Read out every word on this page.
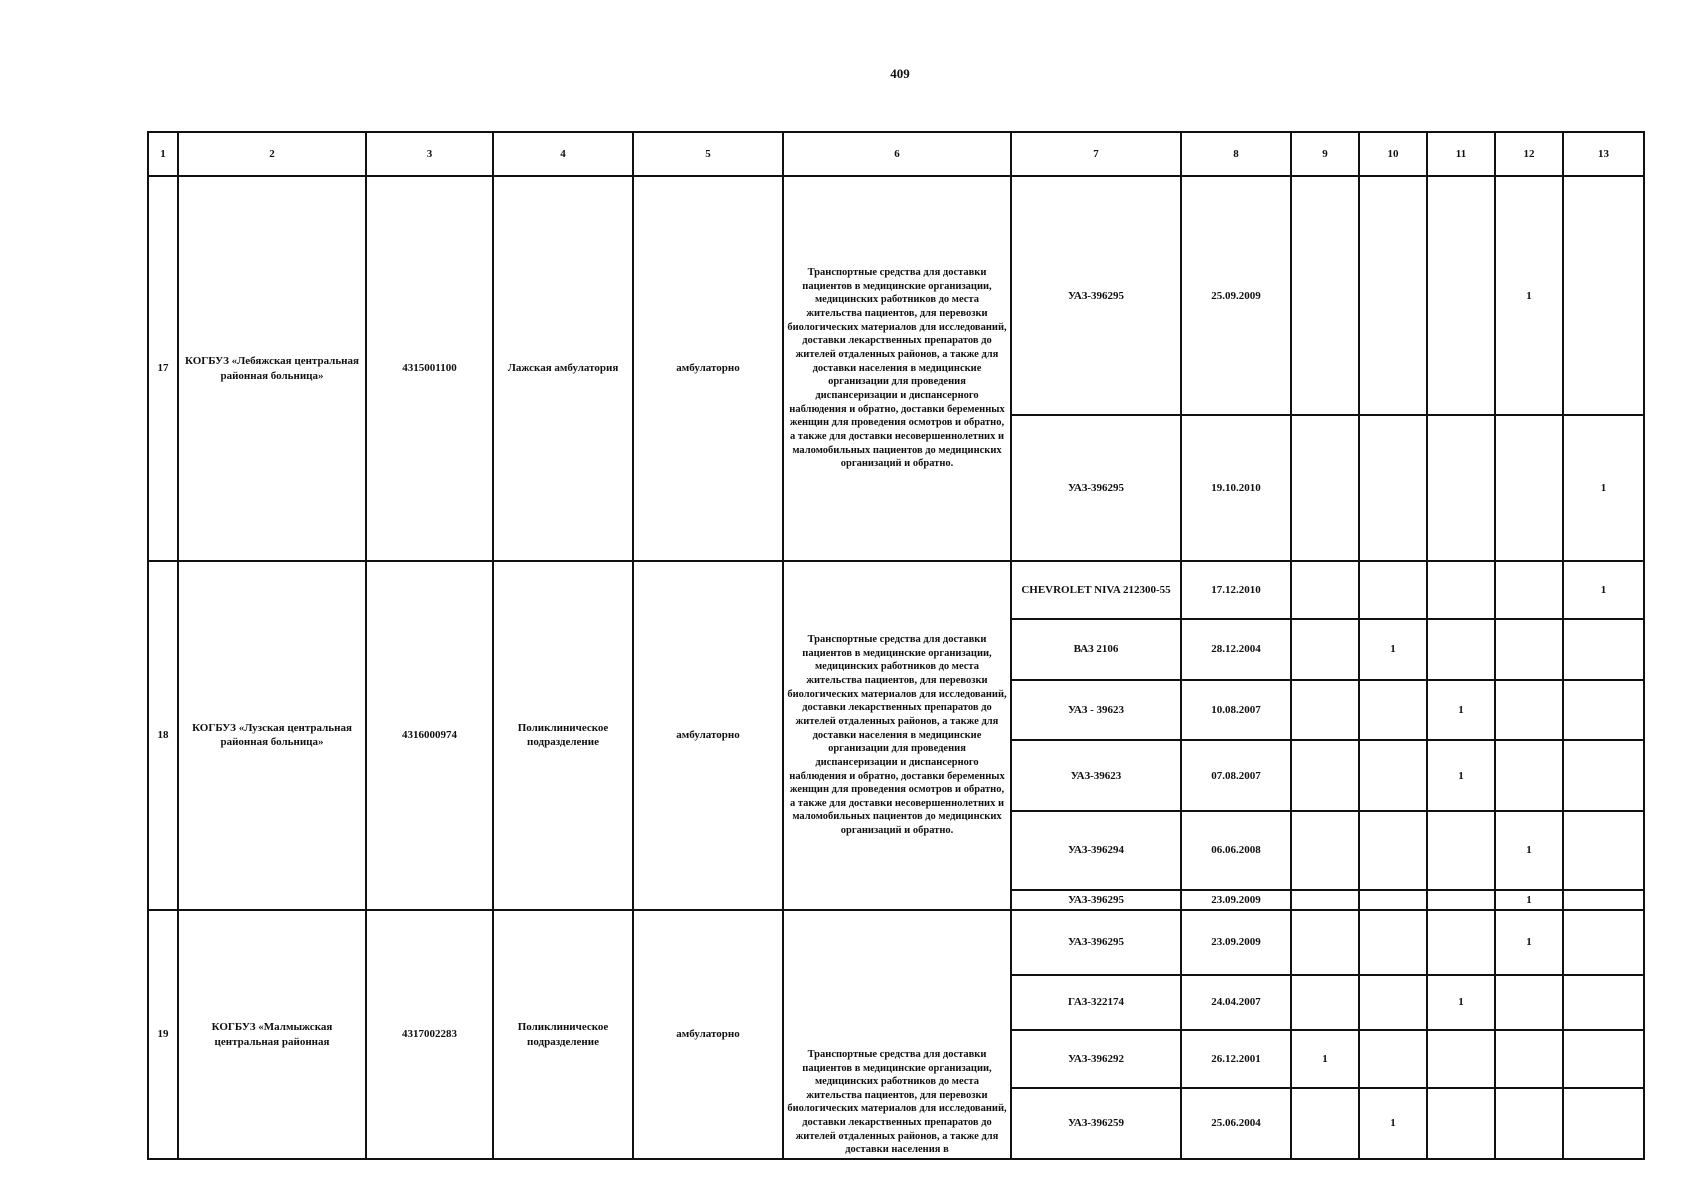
409
1	2	3	4	5	6	7	8	9	10	11	12	13
17	КОГБУЗ «Лебяжская центральная районная больница»	4315001100	Лажская амбулатория	амбулаторно	Транспортные средства для доставки пациентов в медицинские организации, медицинских работников до места жительства пациентов, для перевозки биологических материалов для исследований, доставки лекарственных препаратов до жителей отдаленных районов, а также для доставки населения в медицинские организации для проведения диспансеризации и диспансерного наблюдения и обратно, доставки беременных женщин для проведения осмотров и обратно, а также для доставки несовершеннолетних и маломобильных пациентов до медицинских организаций и обратно.	УАЗ-396295	25.09.2009				1	
						УАЗ-396295	19.10.2010					1
18	КОГБУЗ «Лузская центральная районная больница»	4316000974	Поликлиническое подразделение	амбулаторно	Транспортные средства для доставки пациентов в медицинские организации, медицинских работников до места жительства пациентов, для перевозки биологических материалов для исследований, доставки лекарственных препаратов до жителей отдаленных районов, а также для доставки населения в медицинские организации для проведения диспансеризации и диспансерного наблюдения и обратно, доставки беременных женщин для проведения осмотров и обратно, а также для доставки несовершеннолетних и маломобильных пациентов до медицинских организаций и обратно.	CHEVROLET NIVA 212300-55	17.12.2010					1
						ВАЗ 2106	28.12.2004		1			
						УАЗ - 39623	10.08.2007			1		
						УАЗ-39623	07.08.2007			1		
						УАЗ-396294	06.06.2008				1	
						УАЗ-396295	23.09.2009				1	
19	КОГБУЗ «Малмыжская центральная районная	4317002283	Поликлиническое подразделение	амбулаторно	Транспортные средства для доставки пациентов в медицинские организации, медицинских работников до места жительства пациентов, для перевозки биологических материалов для исследований, доставки лекарственных препаратов до жителей отдаленных районов, а также для доставки населения в	УАЗ-396295	23.09.2009				1	
						ГАЗ-322174	24.04.2007			1		
						УАЗ-396292	26.12.2001	1				
						УАЗ-396259	25.06.2004		1			
